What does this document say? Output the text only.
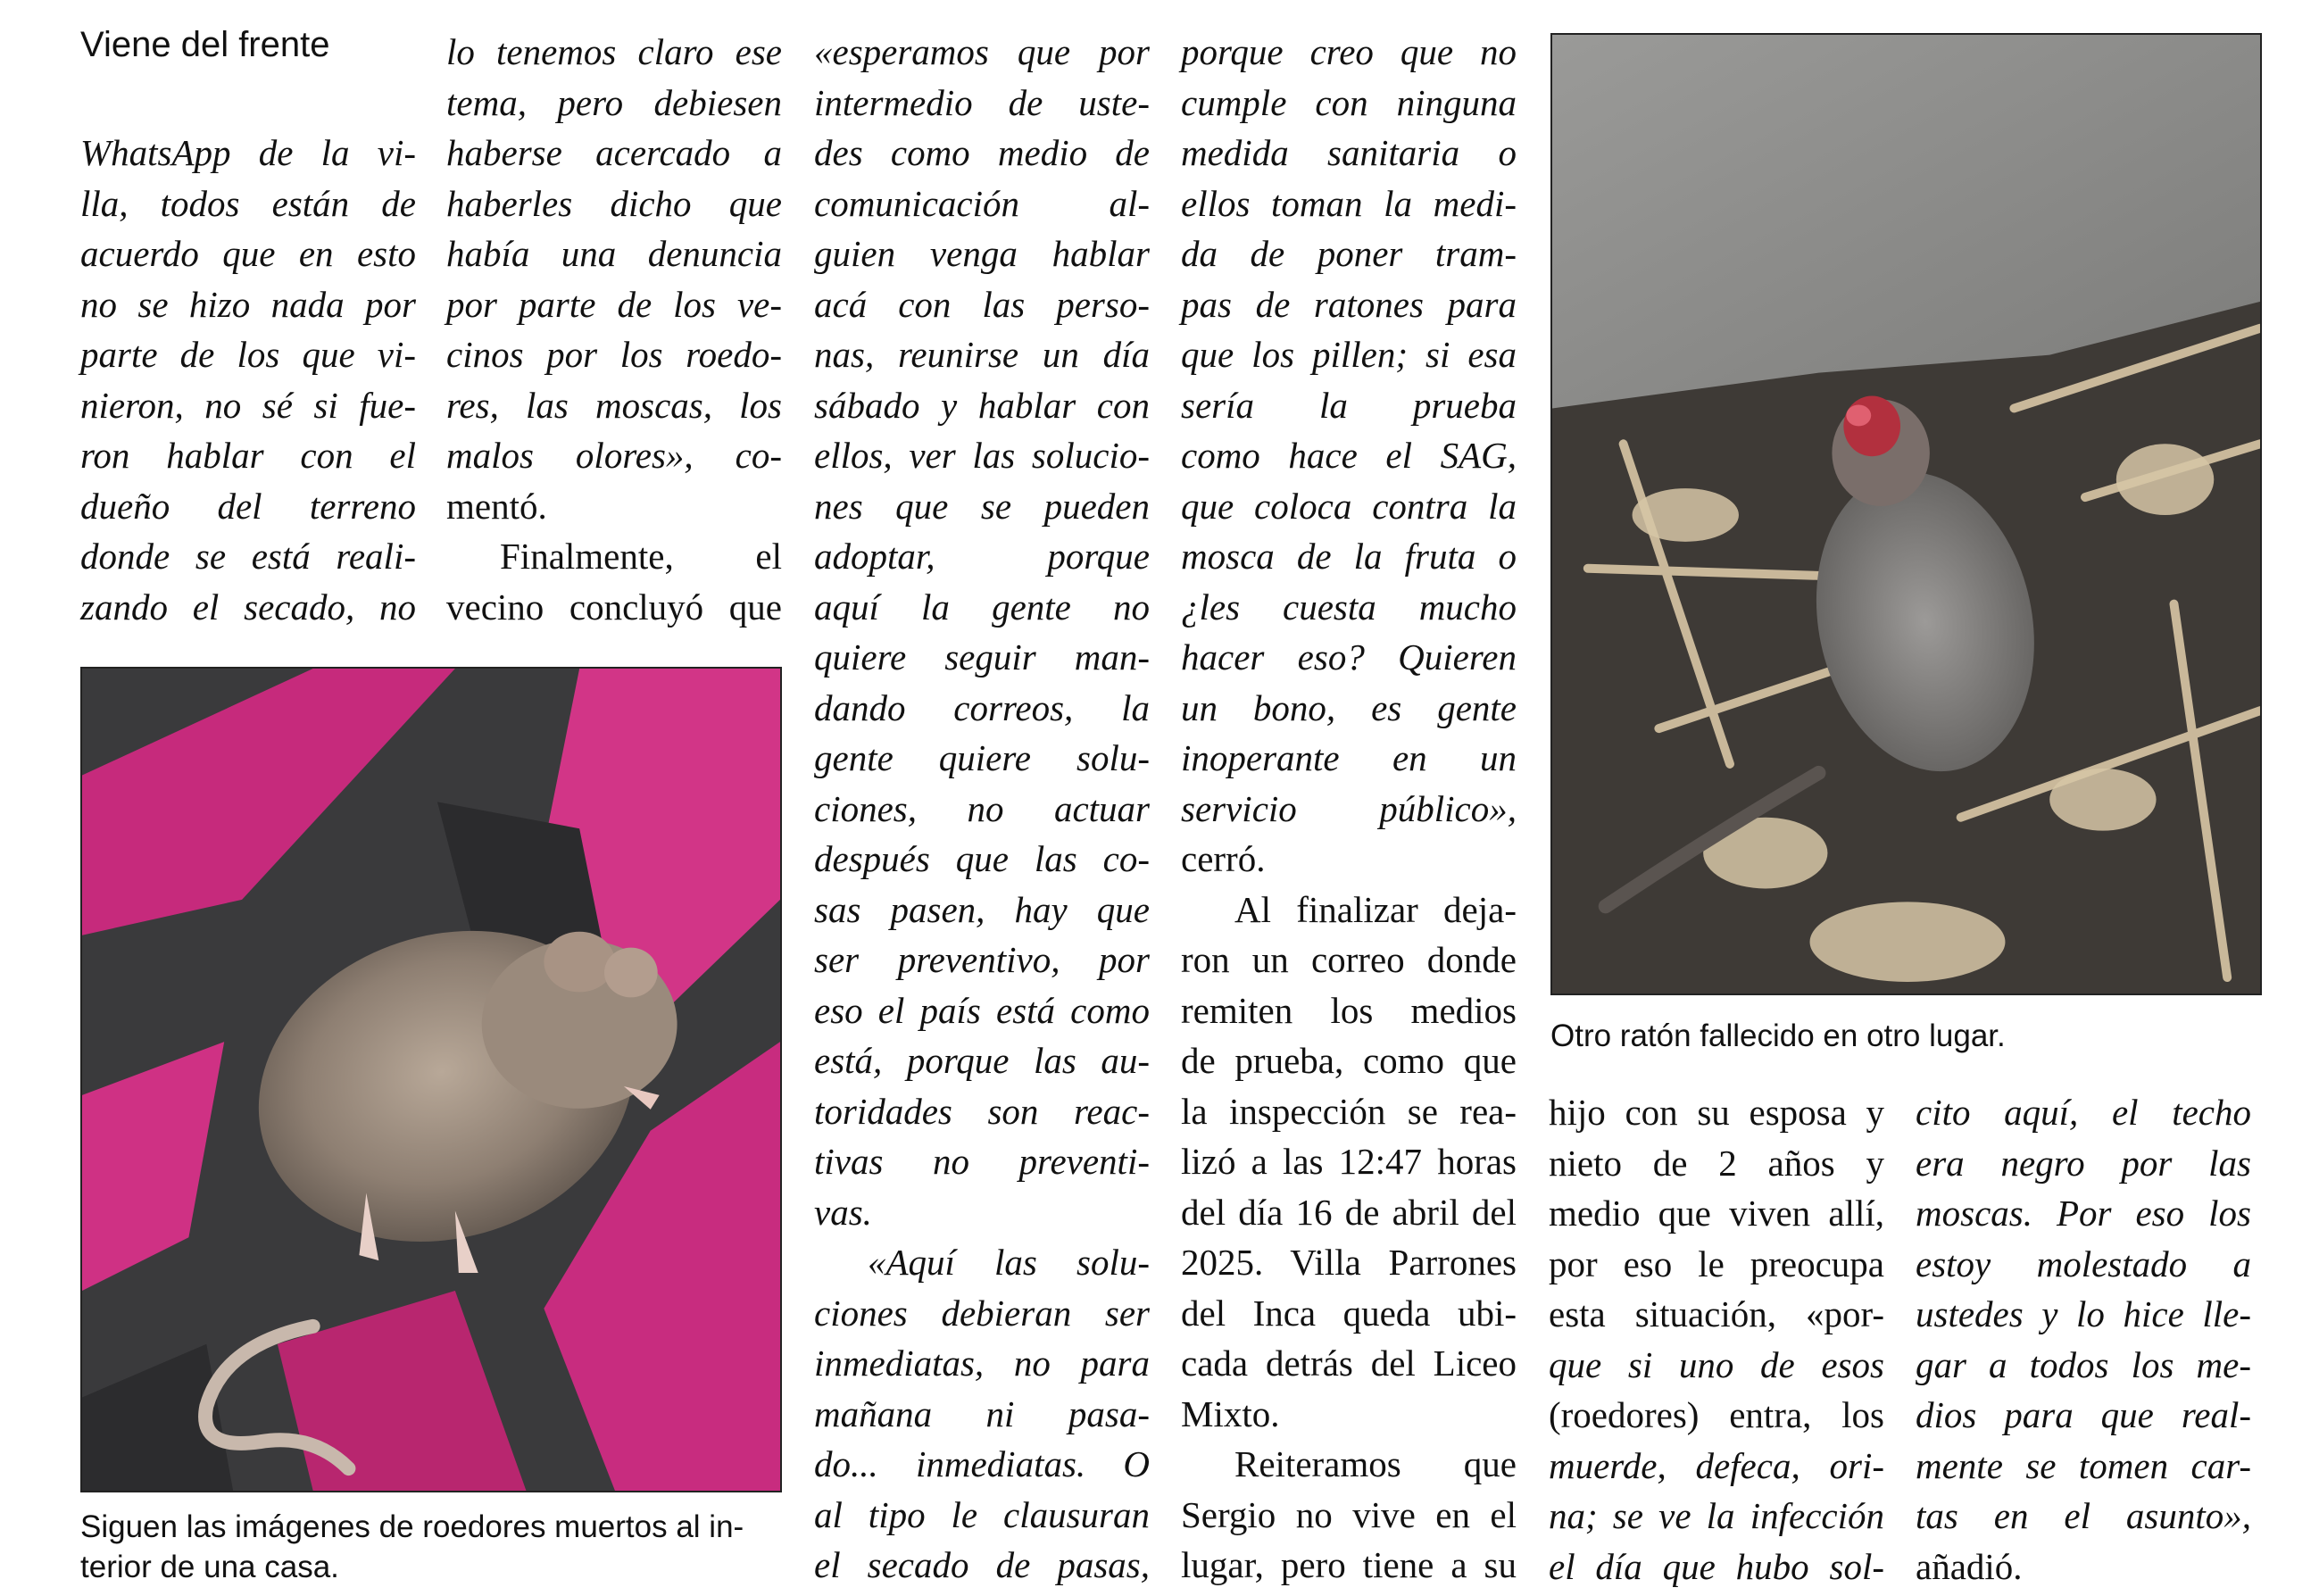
Viene del frente
WhatsApp de la vi-
lla, todos están de
acuerdo que en esto
no se hizo nada por
parte de los que vi-
nieron, no sé si fue-
ron hablar con el
dueño del terreno
donde se está reali-
zando el secado, no
lo tenemos claro ese
tema, pero debiesen
haberse acercado a
haberles dicho que
había una denuncia
por parte de los ve-
cinos por los roedo-
res, las moscas, los
malos olores», co-
mentó.
Finalmente, el
vecino concluyó que
«esperamos que por
intermedio de uste-
des como medio de
comunicación al-
guien venga hablar
acá con las perso-
nas, reunirse un día
sábado y hablar con
ellos, ver las solucio-
nes que se pueden
adoptar, porque
aquí la gente no
quiere seguir man-
dando correos, la
gente quiere solu-
ciones, no actuar
después que las co-
sas pasen, hay que
ser preventivo, por
eso el país está como
está, porque las au-
toridades son reac-
tivas no preventi-
vas.
«Aquí las solu-
ciones debieran ser
inmediatas, no para
mañana ni pasa-
do... inmediatas. O
al tipo le clausuran
el secado de pasas,
porque creo que no
cumple con ninguna
medida sanitaria o
ellos toman la medi-
da de poner tram-
pas de ratones para
que los pillen; si esa
sería la prueba
como hace el SAG,
que coloca contra la
mosca de la fruta o
¿les cuesta mucho
hacer eso? Quieren
un bono, es gente
inoperante en un
servicio público»,
cerró.
Al finalizar deja-
ron un correo donde
remiten los medios
de prueba, como que
la inspección se rea-
lizó a las 12:47 horas
del día 16 de abril del
2025. Villa Parrones
del Inca queda ubi-
cada detrás del Liceo
Mixto.
Reiteramos que
Sergio no vive en el
lugar, pero tiene a su
hijo con su esposa y
nieto de 2 años y
medio que viven allí,
por eso le preocupa
esta situación, «por-
que si uno de esos
(roedores) entra, los
muerde, defeca, ori-
na; se ve la infección
el día que hubo sol-
cito aquí, el techo
era negro por las
moscas. Por eso los
estoy molestado a
ustedes y lo hice lle-
gar a todos los me-
dios para que real-
mente se tomen car-
tas en el asunto»,
añadió.
Siguen las imágenes de roedores muertos al in-
terior de una casa.
Otro ratón fallecido en otro lugar.
